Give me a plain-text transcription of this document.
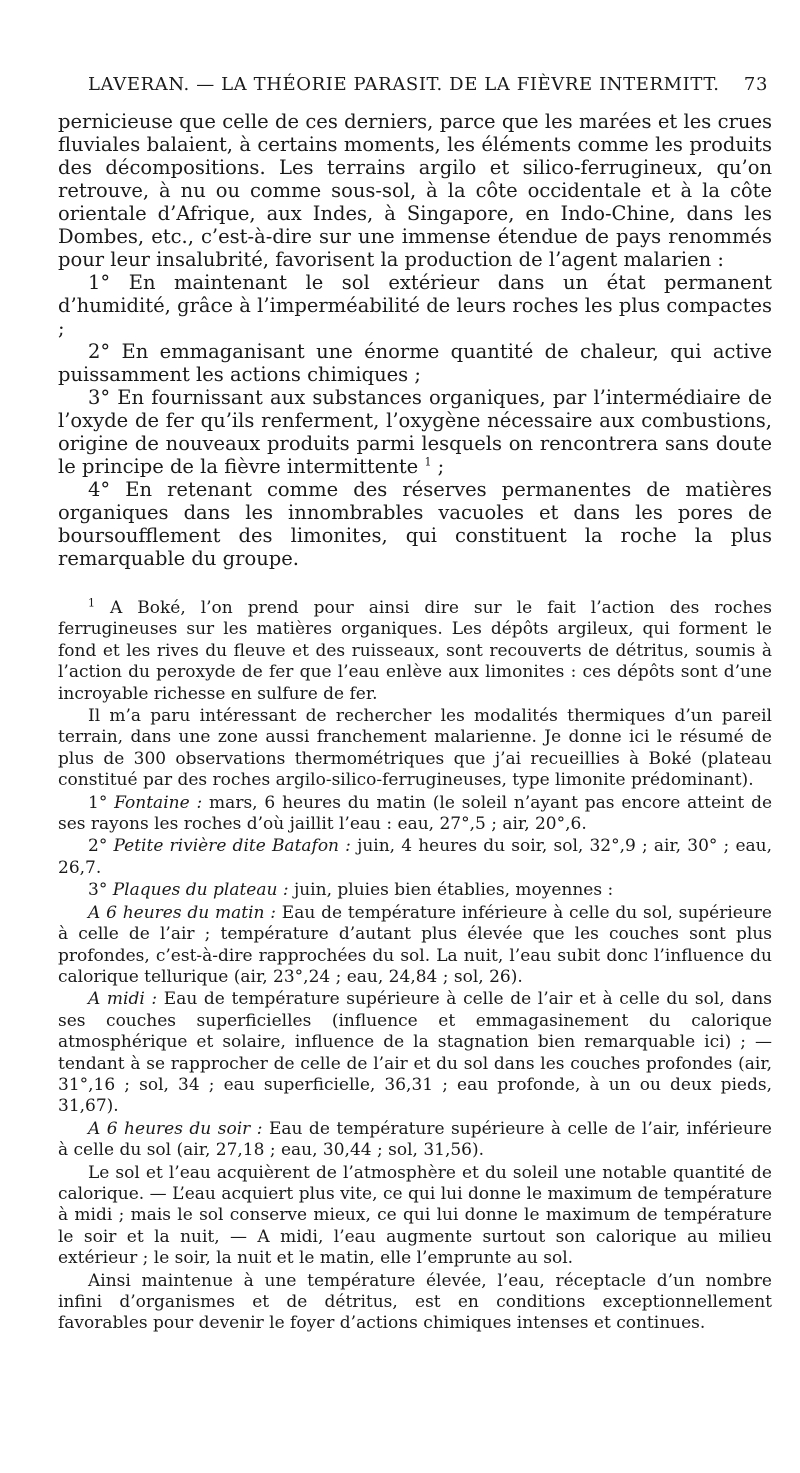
LAVERAN. — LA THÉORIE PARASIT. DE LA FIÈVRE INTERMITT. 73

pernicieuse que celle de ces derniers, parce que les marées et les crues fluviales balaient, à certains moments, les éléments comme les produits des décompositions. Les terrains argilo et silico-ferrugineux, qu’on retrouve, à nu ou comme sous-sol, à la côte occidentale et à la côte orientale d’Afrique, aux Indes, à Singapore, en Indo-Chine, dans les Dombes, etc., c’est-à-dire sur une immense étendue de pays renommés pour leur insalubrité, favorisent la production de l’agent malarien :

1° En maintenant le sol extérieur dans un état permanent d’humidité, grâce à l’imperméabilité de leurs roches les plus compactes ;

2° En emmaganisant une énorme quantité de chaleur, qui active puissamment les actions chimiques ;

3° En fournissant aux substances organiques, par l’intermédiaire de l’oxyde de fer qu’ils renferment, l’oxygène nécessaire aux combustions, origine de nouveaux produits parmi lesquels on rencontrera sans doute le principe de la fièvre intermittente $^1$ ;

4° En retenant comme des réserves permanentes de matières organiques dans les innombrables vacuoles et dans les pores de boursoufflement des limonites, qui constituent la roche la plus remarquable du groupe.

$^1$ A Boké, l’on prend pour ainsi dire sur le fait l’action des roches ferrugineuses sur les matières organiques. Les dépôts argileux, qui forment le fond et les rives du fleuve et des ruisseaux, sont recouverts de détritus, soumis à l’action du peroxyde de fer que l’eau enlève aux limonites : ces dépôts sont d’une incroyable richesse en sulfure de fer.

Il m’a paru intéressant de rechercher les modalités thermiques d’un pareil terrain, dans une zone aussi franchement malarienne. Je donne ici le résumé de plus de 300 observations thermométriques que j’ai recueillies à Boké (plateau constitué par des roches argilo-silico-ferrugineuses, type limonite prédominant).

1° Fontaine : mars, 6 heures du matin (le soleil n’ayant pas encore atteint de ses rayons les roches d’où jaillit l’eau : eau, 27°,5 ; air, 20°,6.

2° Petite rivière dite Batafon : juin, 4 heures du soir, sol, 32°,9 ; air, 30° ; eau, 26,7.

3° Plaques du plateau : juin, pluies bien établies, moyennes :

A 6 heures du matin : Eau de température inférieure à celle du sol, supérieure à celle de l’air ; température d’autant plus élevée que les couches sont plus profondes, c’est-à-dire rapprochées du sol. La nuit, l’eau subit donc l’influence du calorique tellurique (air, 23°,24 ; eau, 24,84 ; sol, 26).

A midi : Eau de température supérieure à celle de l’air et à celle du sol, dans ses couches superficielles (influence et emmagasinement du calorique atmosphérique et solaire, influence de la stagnation bien remarquable ici) ; — tendant à se rapprocher de celle de l’air et du sol dans les couches profondes (air, 31°,16 ; sol, 34 ; eau superficielle, 36,31 ; eau profonde, à un ou deux pieds, 31,67).

A 6 heures du soir : Eau de température supérieure à celle de l’air, inférieure à celle du sol (air, 27,18 ; eau, 30,44 ; sol, 31,56).

Le sol et l’eau acquièrent de l’atmosphère et du soleil une notable quantité de calorique. — L’eau acquiert plus vite, ce qui lui donne le maximum de température à midi ; mais le sol conserve mieux, ce qui lui donne le maximum de température le soir et la nuit, — A midi, l’eau augmente surtout son calorique au milieu extérieur ; le soir, la nuit et le matin, elle l’emprunte au sol.

Ainsi maintenue à une température élevée, l’eau, réceptacle d’un nombre infini d’organismes et de détritus, est en conditions exceptionnellement favorables pour devenir le foyer d’actions chimiques intenses et continues.
